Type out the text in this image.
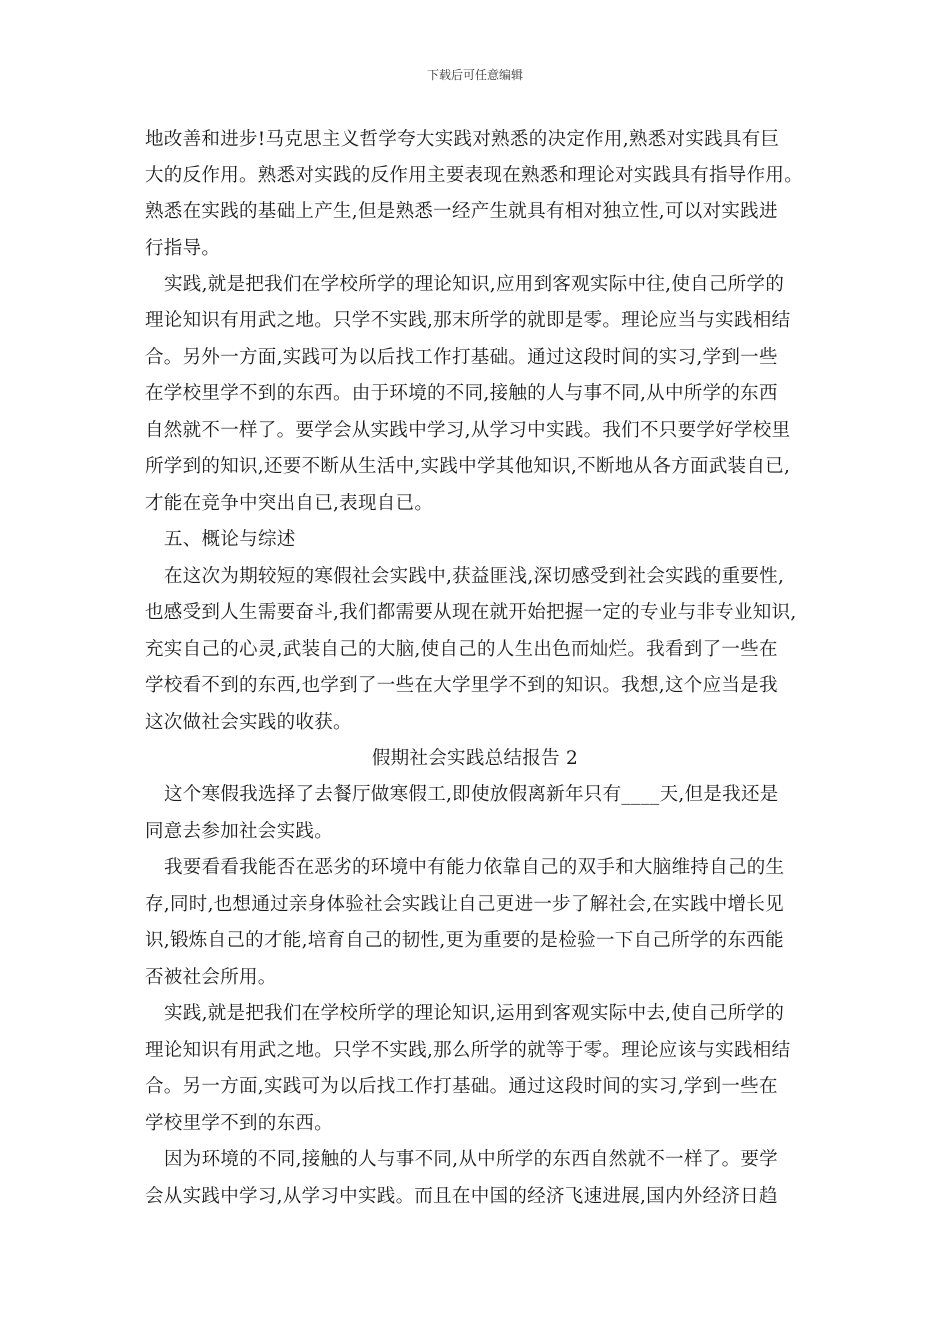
下载后可任意编辑
地改善和进步!马克思主义哲学夸大实践对熟悉的决定作用,熟悉对实践具有巨
大的反作用。熟悉对实践的反作用主要表现在熟悉和理论对实践具有指导作用。
熟悉在实践的基础上产生,但是熟悉一经产生就具有相对独立性,可以对实践进
行指导。
实践,就是把我们在学校所学的理论知识,应用到客观实际中往,使自己所学的
理论知识有用武之地。只学不实践,那末所学的就即是零。理论应当与实践相结
合。另外一方面,实践可为以后找工作打基础。通过这段时间的实习,学到一些
在学校里学不到的东西。由于环境的不同,接触的人与事不同,从中所学的东西
自然就不一样了。要学会从实践中学习,从学习中实践。我们不只要学好学校里
所学到的知识,还要不断从生活中,实践中学其他知识,不断地从各方面武装自已,
才能在竞争中突出自已,表现自已。
五、概论与综述
在这次为期较短的寒假社会实践中,获益匪浅,深切感受到社会实践的重要性,
也感受到人生需要奋斗,我们都需要从现在就开始把握一定的专业与非专业知识,
充实自己的心灵,武装自己的大脑,使自己的人生出色而灿烂。我看到了一些在
学校看不到的东西,也学到了一些在大学里学不到的知识。我想,这个应当是我
这次做社会实践的收获。
假期社会实践总结报告 2
这个寒假我选择了去餐厅做寒假工,即使放假离新年只有____天,但是我还是
同意去参加社会实践。
我要看看我能否在恶劣的环境中有能力依靠自己的双手和大脑维持自己的生
存,同时,也想通过亲身体验社会实践让自己更进一步了解社会,在实践中增长见
识,锻炼自己的才能,培育自己的韧性,更为重要的是检验一下自己所学的东西能
否被社会所用。
实践,就是把我们在学校所学的理论知识,运用到客观实际中去,使自己所学的
理论知识有用武之地。只学不实践,那么所学的就等于零。理论应该与实践相结
合。另一方面,实践可为以后找工作打基础。通过这段时间的实习,学到一些在
学校里学不到的东西。
因为环境的不同,接触的人与事不同,从中所学的东西自然就不一样了。要学
会从实践中学习,从学习中实践。而且在中国的经济飞速进展,国内外经济日趋
